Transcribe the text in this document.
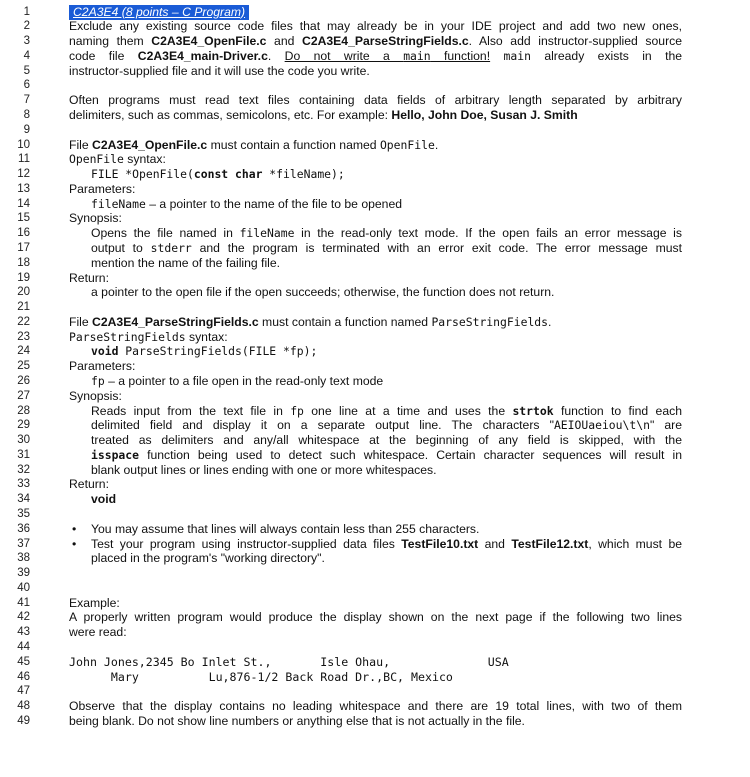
1	C2A3E4 (8 points – C Program)
2	Exclude any existing source code files that may already be in your IDE project and add two new ones,
3	naming them C2A3E4_OpenFile.c and C2A3E4_ParseStringFields.c. Also add instructor-supplied source
4	code file C2A3E4_main-Driver.c. Do not write a main function! main already exists in the
5	instructor-supplied file and it will use the code you write.
6
7	Often programs must read text files containing data fields of arbitrary length separated by arbitrary
8	delimiters, such as commas, semicolons, etc. For example: Hello, John Doe, Susan J. Smith
9
10	File C2A3E4_OpenFile.c must contain a function named OpenFile.
11	OpenFile syntax:
12	FILE *OpenFile(const char *fileName);
13	Parameters:
14	fileName – a pointer to the name of the file to be opened
15	Synopsis:
16	Opens the file named in fileName in the read-only text mode. If the open fails an error message is
17	output to stderr and the program is terminated with an error exit code. The error message must
18	mention the name of the failing file.
19	Return:
20	a pointer to the open file if the open succeeds; otherwise, the function does not return.
21
22	File C2A3E4_ParseStringFields.c must contain a function named ParseStringFields.
23	ParseStringFields syntax:
24	void ParseStringFields(FILE *fp);
25	Parameters:
26	fp – a pointer to a file open in the read-only text mode
27	Synopsis:
28	Reads input from the text file in fp one line at a time and uses the strtok function to find each
29	delimited field and display it on a separate output line. The characters "AEIOUaeiou\t\n" are
30	treated as delimiters and any/all whitespace at the beginning of any field is skipped, with the
31	isspace function being used to detect such whitespace. Certain character sequences will result in
32	blank output lines or lines ending with one or more whitespaces.
33	Return:
34	void
35
36	• You may assume that lines will always contain less than 255 characters.
37	• Test your program using instructor-supplied data files TestFile10.txt and TestFile12.txt, which must be
38	placed in the program's "working directory".
39
40
41	Example:
42	A properly written program would produce the display shown on the next page if the following two lines
43	were read:
44
45	John Jones,2345 Bo Inlet St.,       Isle Ohau,              USA
46	Mary          Lu,876-1/2 Back Road Dr.,BC, Mexico
47
48	Observe that the display contains no leading whitespace and there are 19 total lines, with two of them
49	being blank. Do not show line numbers or anything else that is not actually in the file.
